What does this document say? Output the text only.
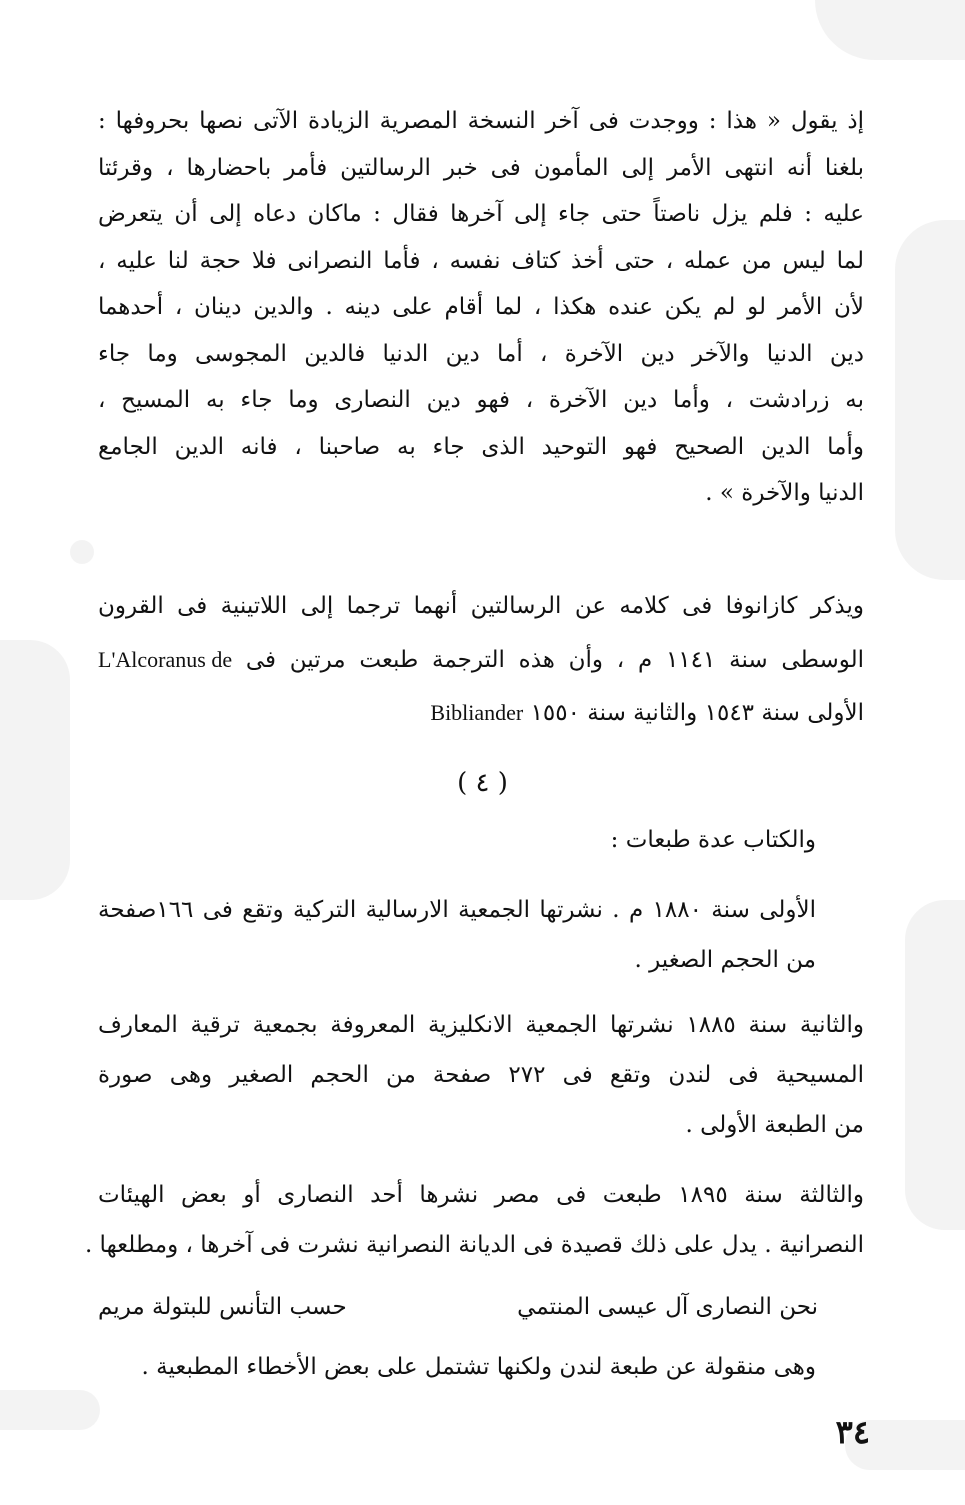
إذ يقول « هذا : ووجدت فى آخر النسخة المصرية الزيادة الآتى نصها بحروفها :
بلغنا أنه انتهى الأمر إلى المأمون فى خبر الرسالتين فأمر باحضارها ، وقرئتا
عليه : فلم يزل ناصتاً حتى جاء إلى آخرها فقال : ماكان دعاه إلى أن يتعرض
لما ليس من عمله ، حتى أخذ كتاف نفسه ، فأما النصرانى فلا حجة لنا عليه ،
لأن الأمر لو لم يكن عنده هكذا ، لما أقام على دينه . والدين دينان ، أحدهما
دين الدنيا والآخر دين الآخرة ، أما دين الدنيا فالدين المجوسى وما جاء
به زرادشت ، وأما دين الآخرة ، فهو دين النصارى وما جاء به المسيح ،
وأما الدين الصحيح فهو التوحيد الذى جاء به صاحبنا ، فانه الدين الجامع
الدنيا والآخرة » .
ويذكر كازانوفا فى كلامه عن الرسالتين أنهما ترجما إلى اللاتينية فى القرون
الوسطى سنة ١١٤١ م ، وأن هذه الترجمة طبعت مرتين فى L'Alcoranus de
الأولى سنة ١٥٤٣ والثانية سنة ١٥٥٠ Bibliander
( ٤ )
والكتاب عدة طبعات :
الأولى سنة ١٨٨٠ م . نشرتها الجمعية الارسالية التركية وتقع فى ١٦٦صفحة
من الحجم الصغير .
والثانية سنة ١٨٨٥ نشرتها الجمعية الانكليزية المعروفة بجمعية ترقية المعارف
المسيحية فى لندن وتقع فى ٢٧٢ صفحة من الحجم الصغير وهى صورة
من الطبعة الأولى .
والثالثة سنة ١٨٩٥ طبعت فى مصر نشرها أحد النصارى أو بعض الهيئات
النصرانية . يدل على ذلك قصيدة فى الديانة النصرانية نشرت فى آخرها ، ومطلعها .
نحن النصارى آل عيسى المنتمي
حسب التأنس للبتولة مريم
وهى منقولة عن طبعة لندن ولكنها تشتمل على بعض الأخطاء المطبعية .
٣٤
